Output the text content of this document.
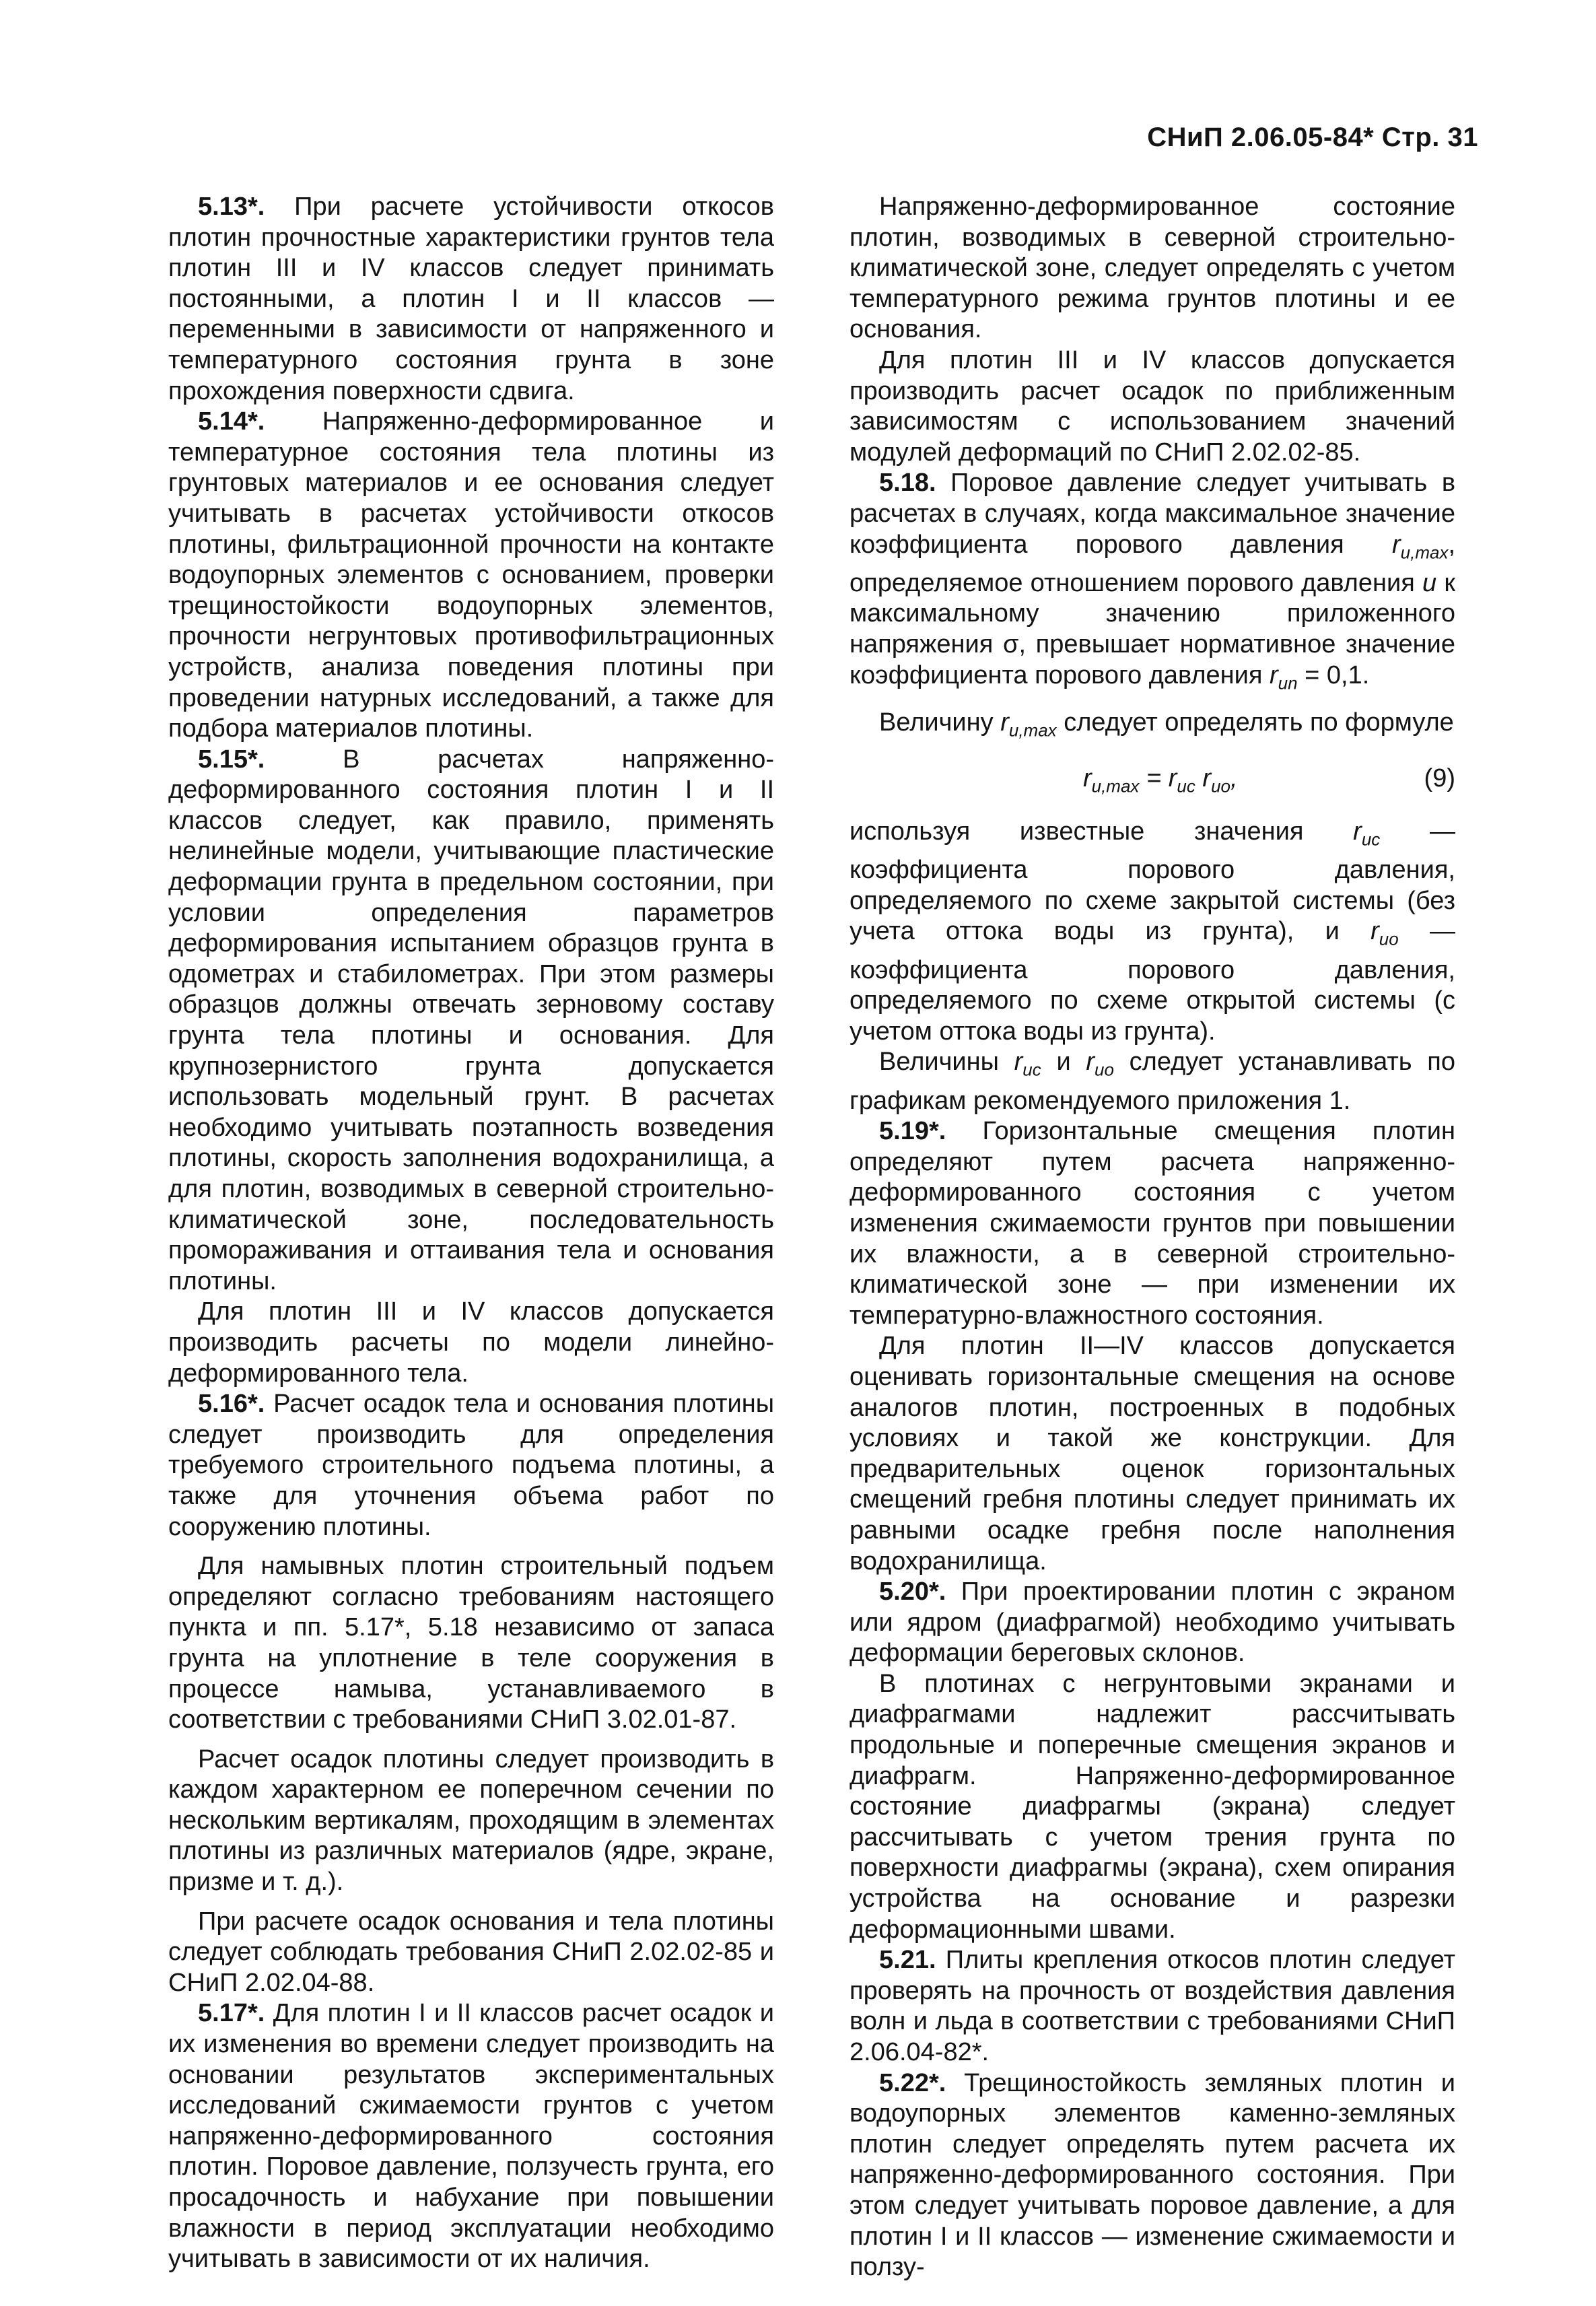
СНиП 2.06.05-84* Стр. 31

5.13*. При расчете устойчивости откосов плотин прочностные характеристики грунтов тела плотин III и IV классов следует принимать постоянными, а плотин I и II классов — переменными в зависимости от напряженного и температурного состояния грунта в зоне прохождения поверхности сдвига.

5.14*. Напряженно-деформированное и температурное состояния тела плотины из грунтовых материалов и ее основания следует учитывать в расчетах устойчивости откосов плотины, фильтрационной прочности на контакте водоупорных элементов с основанием, проверки трещиностойкости водоупорных элементов, прочности негрунтовых противофильтрационных устройств, анализа поведения плотины при проведении натурных исследований, а также для подбора материалов плотины.

5.15*.	В расчетах напряженно-деформированного состояния плотин I и II классов следует, как правило, применять нелинейные модели, учитывающие пластические деформации грунта в предельном состоянии, при условии определения параметров деформирования испытанием образцов грунта в одометрах и стабилометрах. При этом размеры образцов должны отвечать зерновому составу грунта тела плотины и основания. Для крупнозернистого грунта допускается использовать модельный грунт. В расчетах необходимо учитывать поэтапность возведения плотины, скорость заполнения водохранилища, а для плотин, возводимых в северной строительно-климатической зоне, последовательность промораживания и оттаивания тела и основания плотины.

Для плотин III и IV классов допускается производить расчеты по модели линейно-деформированного тела.

5.16*. Расчет осадок тела и основания плотины следует производить для определения требуемого строительного подъема плотины, а также для уточнения объема работ по сооружению плотины.

Для намывных плотин строительный подъем определяют согласно требованиям настоящего пункта и пп. 5.17*, 5.18 независимо от запаса грунта на уплотнение в теле сооружения в процессе намыва, устанавливаемого в соответствии с требованиями СНиП 3.02.01-87.

Расчет осадок плотины следует производить в каждом характерном ее поперечном сечении по нескольким вертикалям, проходящим в элементах плотины из различных материалов (ядре, экране, призме и т. д.).

При расчете осадок основания и тела плотины следует соблюдать требования СНиП 2.02.02-85 и СНиП 2.02.04-88.

5.17*. Для плотин I и II классов расчет осадок и их изменения во времени следует производить на основании результатов экспериментальных исследований сжимаемости грунтов с учетом напряженно-деформированного состояния плотин. Поровое давление, ползучесть грунта, его просадочность и набухание при повышении влажности в период эксплуатации необходимо учитывать в зависимости от их наличия.

Напряженно-деформированное состояние плотин, возводимых в северной строительно-климатической зоне, следует определять с учетом температурного режима грунтов плотины и ее основания.

Для плотин III и IV классов допускается производить расчет осадок по приближенным зависимостям с использованием значений модулей деформаций по СНиП 2.02.02-85.

5.18. Поровое давление следует учитывать в расчетах в случаях, когда максимальное значение коэффициента порового давления $r_{u,max}$, определяемое отношением порового давления u к максимальному значению приложенного напряжения σ, превышает нормативное значение коэффициента порового давления $r_{un} = 0,1$.

Величину $r_{u,max}$ следует определять по формуле

$r_{u,max} = r_{uc}$ $r_{uo}$,	(9)

используя известные значения $r_{uc}$ — коэффициента порового давления, определяемого по схеме закрытой системы (без учета оттока воды из грунта), и $r_{uo}$ — коэффициента порового давления, определяемого по схеме открытой системы (с учетом оттока воды из грунта).

Величины $r_{uc}$ и $r_{uo}$ следует устанавливать по графикам рекомендуемого приложения 1.

5.19*. Горизонтальные смещения плотин определяют путем расчета напряженно-деформированного состояния с учетом изменения сжимаемости грунтов при повышении их влажности, а в северной строительно-климатической зоне — при изменении их температурно-влажностного состояния.

Для плотин II—IV классов допускается оценивать горизонтальные смещения на основе аналогов плотин, построенных в подобных условиях и такой же конструкции. Для предварительных оценок горизонтальных смещений гребня плотины следует принимать их равными осадке гребня после наполнения водохранилища.

5.20*. При проектировании плотин с экраном или ядром (диафрагмой) необходимо учитывать деформации береговых склонов.

В плотинах с негрунтовыми экранами и диафрагмами надлежит рассчитывать продольные и поперечные смещения экранов и диафрагм. Напряженно-деформированное состояние диафрагмы (экрана) следует рассчитывать с учетом трения грунта по поверхности диафрагмы (экрана), схем опирания устройства на основание и разрезки деформационными швами.

5.21. Плиты крепления откосов плотин следует проверять на прочность от воздействия давления волн и льда в соответствии с требованиями СНиП 2.06.04-82*.

5.22*. Трещиностойкость земляных плотин и водоупорных элементов каменно-земляных плотин следует определять путем расчета их напряженно-деформированного состояния. При этом следует учитывать поровое давление, а для плотин I и II классов — изменение сжимаемости и ползу-
